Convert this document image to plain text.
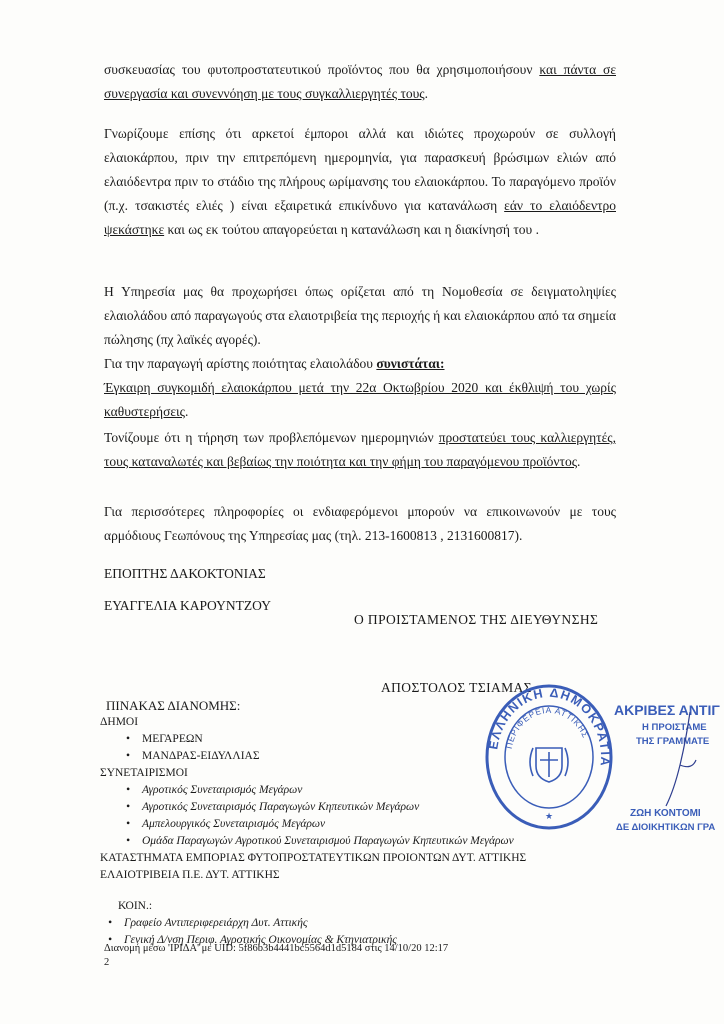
συσκευασίας του φυτοπροστατευτικού προϊόντος που θα χρησιμοποιήσουν και πάντα σε συνεργασία και συνεννόηση με τους συγκαλλιεργητές τους.
Γνωρίζουμε επίσης ότι αρκετοί έμποροι αλλά και ιδιώτες προχωρούν σε συλλογή ελαιοκάρπου, πριν την επιτρεπόμενη ημερομηνία, για παρασκευή βρώσιμων ελιών από ελαιόδεντρα πριν το στάδιο της πλήρους ωρίμανσης του ελαιοκάρπου. Το παραγόμενο προϊόν (π.χ. τσακιστές ελιές ) είναι εξαιρετικά επικίνδυνο για κατανάλωση εάν το ελαιόδεντρο ψεκάστηκε και ως εκ τούτου απαγορεύεται η κατανάλωση και η διακίνησή του .
Η Υπηρεσία μας θα προχωρήσει όπως ορίζεται από τη Νομοθεσία σε δειγματοληψίες ελαιολάδου από παραγωγούς στα ελαιοτριβεία της περιοχής ή και ελαιοκάρπου από τα σημεία πώλησης (πχ λαϊκές αγορές).
Για την παραγωγή αρίστης ποιότητας ελαιολάδου συνιστάται:
Έγκαιρη συγκομιδή ελαιοκάρπου μετά την 22α Οκτωβρίου 2020 και έκθλιψή του χωρίς καθυστερήσεις.
Τονίζουμε ότι η τήρηση των προβλεπόμενων ημερομηνιών προστατεύει τους καλλιεργητές, τους καταναλωτές και βεβαίως την ποιότητα και την φήμη του παραγόμενου προϊόντος.
Για περισσότερες πληροφορίες οι ενδιαφερόμενοι μπορούν να επικοινωνούν με τους αρμόδιους Γεωπόνους της Υπηρεσίας μας (τηλ. 213-1600813 , 2131600817).
ΕΠΟΠΤΗΣ ΔΑΚΟΚΤΟΝΙΑΣ
ΕΥΑΓΓΕΛΙΑ ΚΑΡΟΥΝΤΖΟΥ
Ο ΠΡΟΙΣΤΑΜΕΝΟΣ ΤΗΣ ΔΙΕΥΘΥΝΣΗΣ
ΑΠΟΣΤΟΛΟΣ ΤΣΙΑΜΑΣ
ΠΙΝΑΚΑΣ ΔΙΑΝΟΜΗΣ:
ΔΗΜΟΙ
• ΜΕΓΑΡΕΩΝ
• ΜΑΝΔΡΑΣ-ΕΙΔΥΛΛΙΑΣ
ΣΥΝΕΤΑΙΡΙΣΜΟΙ
• Αγροτικός Συνεταιρισμός Μεγάρων
• Αγροτικός Συνεταιρισμός Παραγωγών Κηπευτικών Μεγάρων
• Αμπελουργικός Συνεταιρισμός Μεγάρων
• Ομάδα Παραγωγών Αγροτικού Συνεταιρισμού Παραγωγών Κηπευτικών Μεγάρων
ΚΑΤΑΣΤΗΜΑΤΑ ΕΜΠΟΡΙΑΣ ΦΥΤΟΠΡΟΣΤΑΤΕΥΤΙΚΩΝ ΠΡΟΙΟΝΤΩΝ ΔΥΤ. ΑΤΤΙΚΗΣ
ΕΛΑΙΟΤΡΙΒΕΙΑ Π.Ε. ΔΥΤ. ΑΤΤΙΚΗΣ
ΚΟΙΝ.:
• Γραφείο Αντιπεριφερειάρχη Δυτ. Αττικής
• Γενική Δ/νση Περιφ. Αγροτικής Οικονομίας & Κτηνιατρικής
ΕΛΛΗΝΙΚΗ ΔΗΜΟΚΡΑΤΙΑ
ΠΕΡΙΦΕΡΕΙΑ ΑΤΤΙΚΗΣ
★
ΑΚΡΙΒΕΣ ΑΝΤΙΓ
Η ΠΡΟΙΣΤΑΜΕ
ΤΗΣ ΓΡΑΜΜΑΤΕ
ΖΩΗ ΚΟΝΤΟΜΙ
ΔΕ ΔΙΟΙΚΗΤΙΚΩΝ ΓΡΑ
Διανομή μέσω 'ΙΡΙΔΑ' με UID: 5f86b3b4441bc5564d1d5184 στις 14/10/20 12:17
2
